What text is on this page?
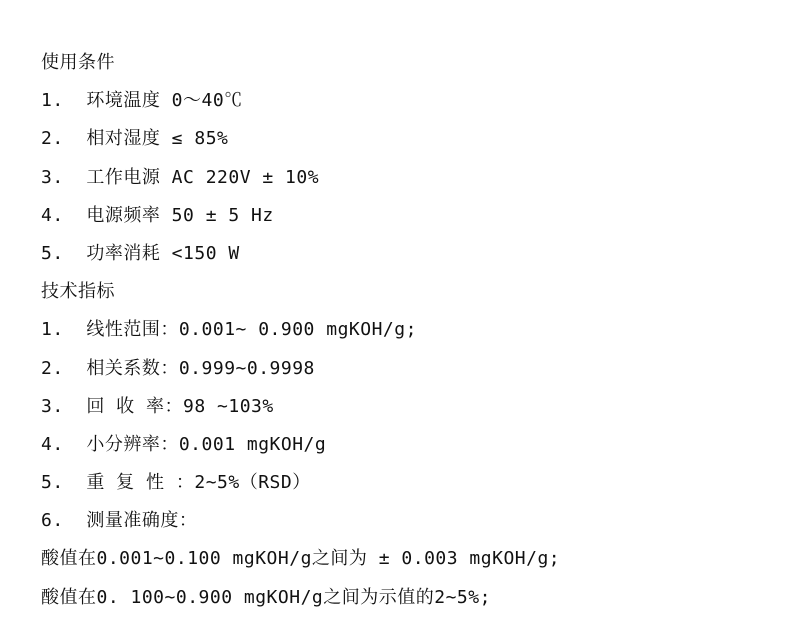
使用条件
1.  环境温度 0～40℃
2.  相对湿度 ≤ 85%
3.  工作电源 AC 220V ± 10%
4.  电源频率 50 ± 5 Hz
5.  功率消耗 <150 W
技术指标
1.  线性范围：0.001~ 0.900 mgKOH/g;
2.  相关系数：0.999~0.9998
3.  回 收 率：98 ~103%
4.  小分辨率：0.001 mgKOH/g
5.  重 复 性 ：2~5%（RSD）
6.  测量准确度：
酸值在0.001~0.100 mgKOH/g之间为 ± 0.003 mgKOH/g;
酸值在0. 100~0.900 mgKOH/g之间为示值的2~5%;
